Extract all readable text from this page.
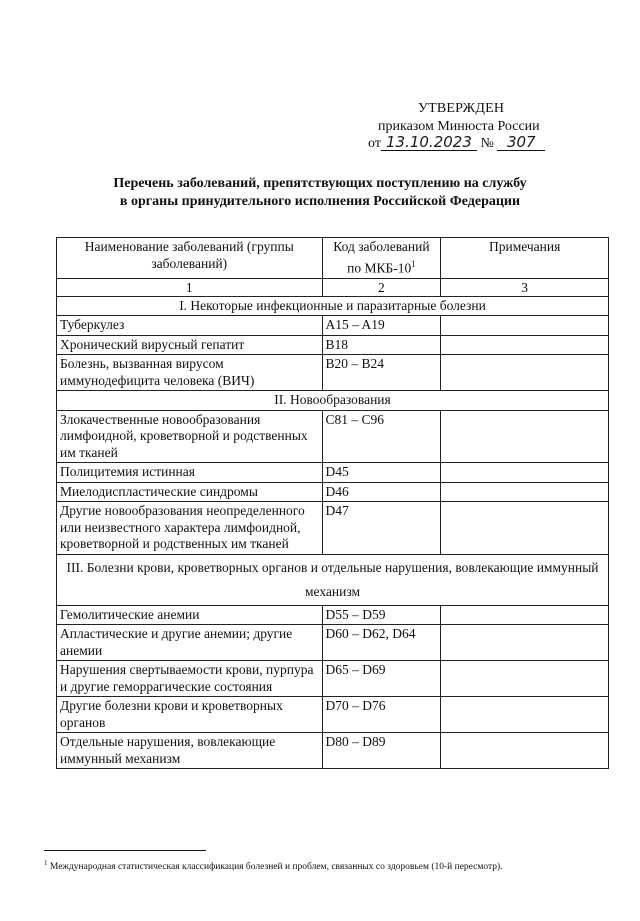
УТВЕРЖДЕН
приказом Минюста России
от 13.10.2023 № 307
Перечень заболеваний, препятствующих поступлению на службу
в органы принудительного исполнения Российской Федерации
Наименование заболеваний (группы заболеваний)	Код заболеваний по МКБ-$10^1$	Примечания
1	2	3
I. Некоторые инфекционные и паразитарные болезни		
Туберкулез	A15 – A19	
Хронический вирусный гепатит	B18	
Болезнь, вызванная вирусом иммунодефицита человека (ВИЧ)	B20 – B24	
II. Новообразования		
Злокачественные новообразования лимфоидной, кроветворной и родственных им тканей	C81 – C96	
Полицитемия истинная	D45	
Миелодиспластические синдромы	D46	
Другие новообразования неопределенного или неизвестного характера лимфоидной, кроветворной и родственных им тканей	D47	
III. Болезни крови, кроветворных органов и отдельные нарушения, вовлекающие иммунный механизм		
Гемолитические анемии	D55 – D59	
Апластические и другие анемии; другие анемии	D60 – D62, D64	
Нарушения свертываемости крови, пурпура и другие геморрагические состояния	D65 – D69	
Другие болезни крови и кроветворных органов	D70 – D76	
Отдельные нарушения, вовлекающие иммунный механизм	D80 – D89	
$^1$ Международная статистическая классификация болезней и проблем, связанных со здоровьем (10-й пересмотр).
